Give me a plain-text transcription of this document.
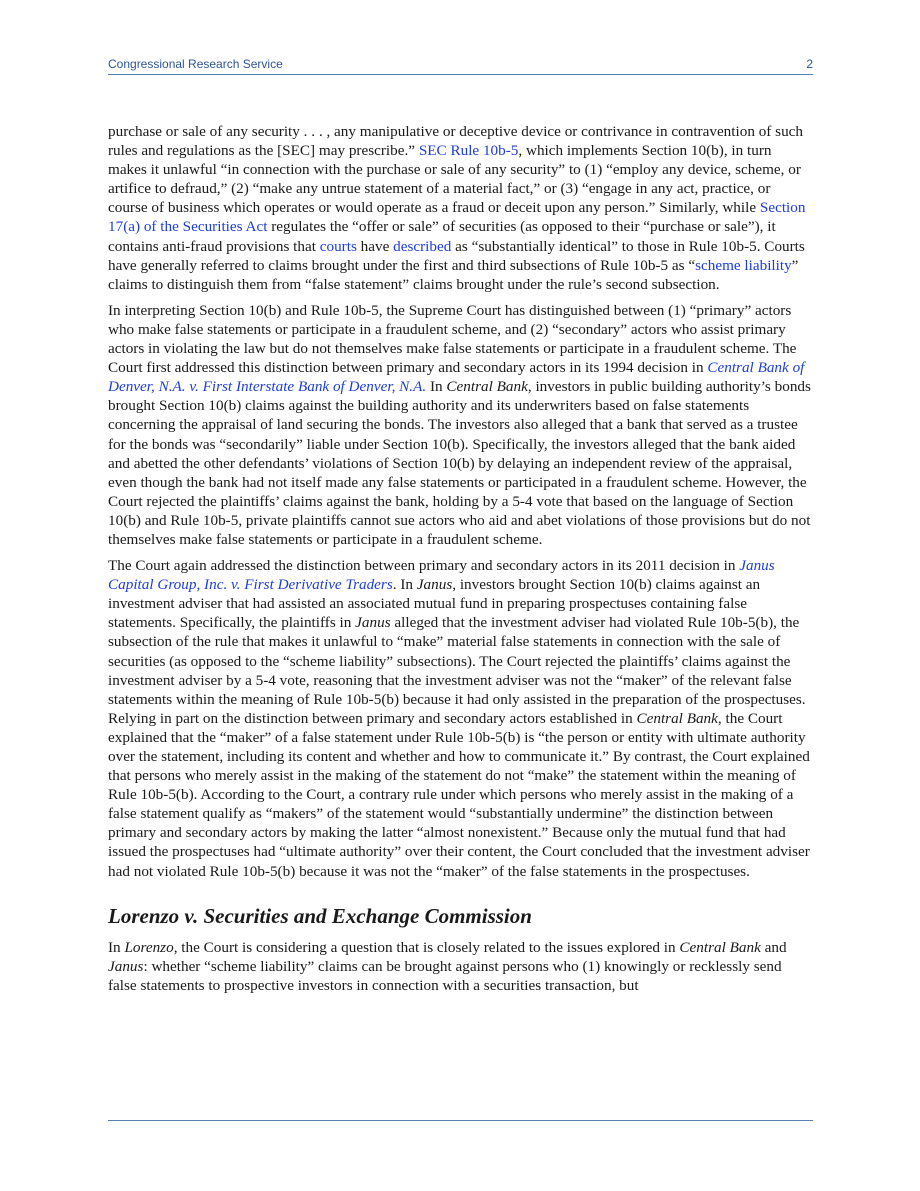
Congressional Research Service	2

purchase or sale of any security . . . , any manipulative or deceptive device or contrivance in contravention of such rules and regulations as the [SEC] may prescribe.” SEC Rule 10b-5, which implements Section 10(b), in turn makes it unlawful “in connection with the purchase or sale of any security” to (1) “employ any device, scheme, or artifice to defraud,” (2) “make any untrue statement of a material fact,” or (3) “engage in any act, practice, or course of business which operates or would operate as a fraud or deceit upon any person.” Similarly, while Section 17(a) of the Securities Act regulates the “offer or sale” of securities (as opposed to their “purchase or sale”), it contains anti-fraud provisions that courts have described as “substantially identical” to those in Rule 10b-5. Courts have generally referred to claims brought under the first and third subsections of Rule 10b-5 as “scheme liability” claims to distinguish them from “false statement” claims brought under the rule’s second subsection.

In interpreting Section 10(b) and Rule 10b-5, the Supreme Court has distinguished between (1) “primary” actors who make false statements or participate in a fraudulent scheme, and (2) “secondary” actors who assist primary actors in violating the law but do not themselves make false statements or participate in a fraudulent scheme. The Court first addressed this distinction between primary and secondary actors in its 1994 decision in Central Bank of Denver, N.A. v. First Interstate Bank of Denver, N.A. In Central Bank, investors in public building authority’s bonds brought Section 10(b) claims against the building authority and its underwriters based on false statements concerning the appraisal of land securing the bonds. The investors also alleged that a bank that served as a trustee for the bonds was “secondarily” liable under Section 10(b). Specifically, the investors alleged that the bank aided and abetted the other defendants’ violations of Section 10(b) by delaying an independent review of the appraisal, even though the bank had not itself made any false statements or participated in a fraudulent scheme. However, the Court rejected the plaintiffs’ claims against the bank, holding by a 5-4 vote that based on the language of Section 10(b) and Rule 10b-5, private plaintiffs cannot sue actors who aid and abet violations of those provisions but do not themselves make false statements or participate in a fraudulent scheme.

The Court again addressed the distinction between primary and secondary actors in its 2011 decision in Janus Capital Group, Inc. v. First Derivative Traders. In Janus, investors brought Section 10(b) claims against an investment adviser that had assisted an associated mutual fund in preparing prospectuses containing false statements. Specifically, the plaintiffs in Janus alleged that the investment adviser had violated Rule 10b-5(b), the subsection of the rule that makes it unlawful to “make” material false statements in connection with the sale of securities (as opposed to the “scheme liability” subsections). The Court rejected the plaintiffs’ claims against the investment adviser by a 5-4 vote, reasoning that the investment adviser was not the “maker” of the relevant false statements within the meaning of Rule 10b-5(b) because it had only assisted in the preparation of the prospectuses. Relying in part on the distinction between primary and secondary actors established in Central Bank, the Court explained that the “maker” of a false statement under Rule 10b-5(b) is “the person or entity with ultimate authority over the statement, including its content and whether and how to communicate it.” By contrast, the Court explained that persons who merely assist in the making of the statement do not “make” the statement within the meaning of Rule 10b-5(b). According to the Court, a contrary rule under which persons who merely assist in the making of a false statement qualify as “makers” of the statement would “substantially undermine” the distinction between primary and secondary actors by making the latter “almost nonexistent.” Because only the mutual fund that had issued the prospectuses had “ultimate authority” over their content, the Court concluded that the investment adviser had not violated Rule 10b-5(b) because it was not the “maker” of the false statements in the prospectuses.

Lorenzo v. Securities and Exchange Commission

In Lorenzo, the Court is considering a question that is closely related to the issues explored in Central Bank and Janus: whether “scheme liability” claims can be brought against persons who (1) knowingly or recklessly send false statements to prospective investors in connection with a securities transaction, but
